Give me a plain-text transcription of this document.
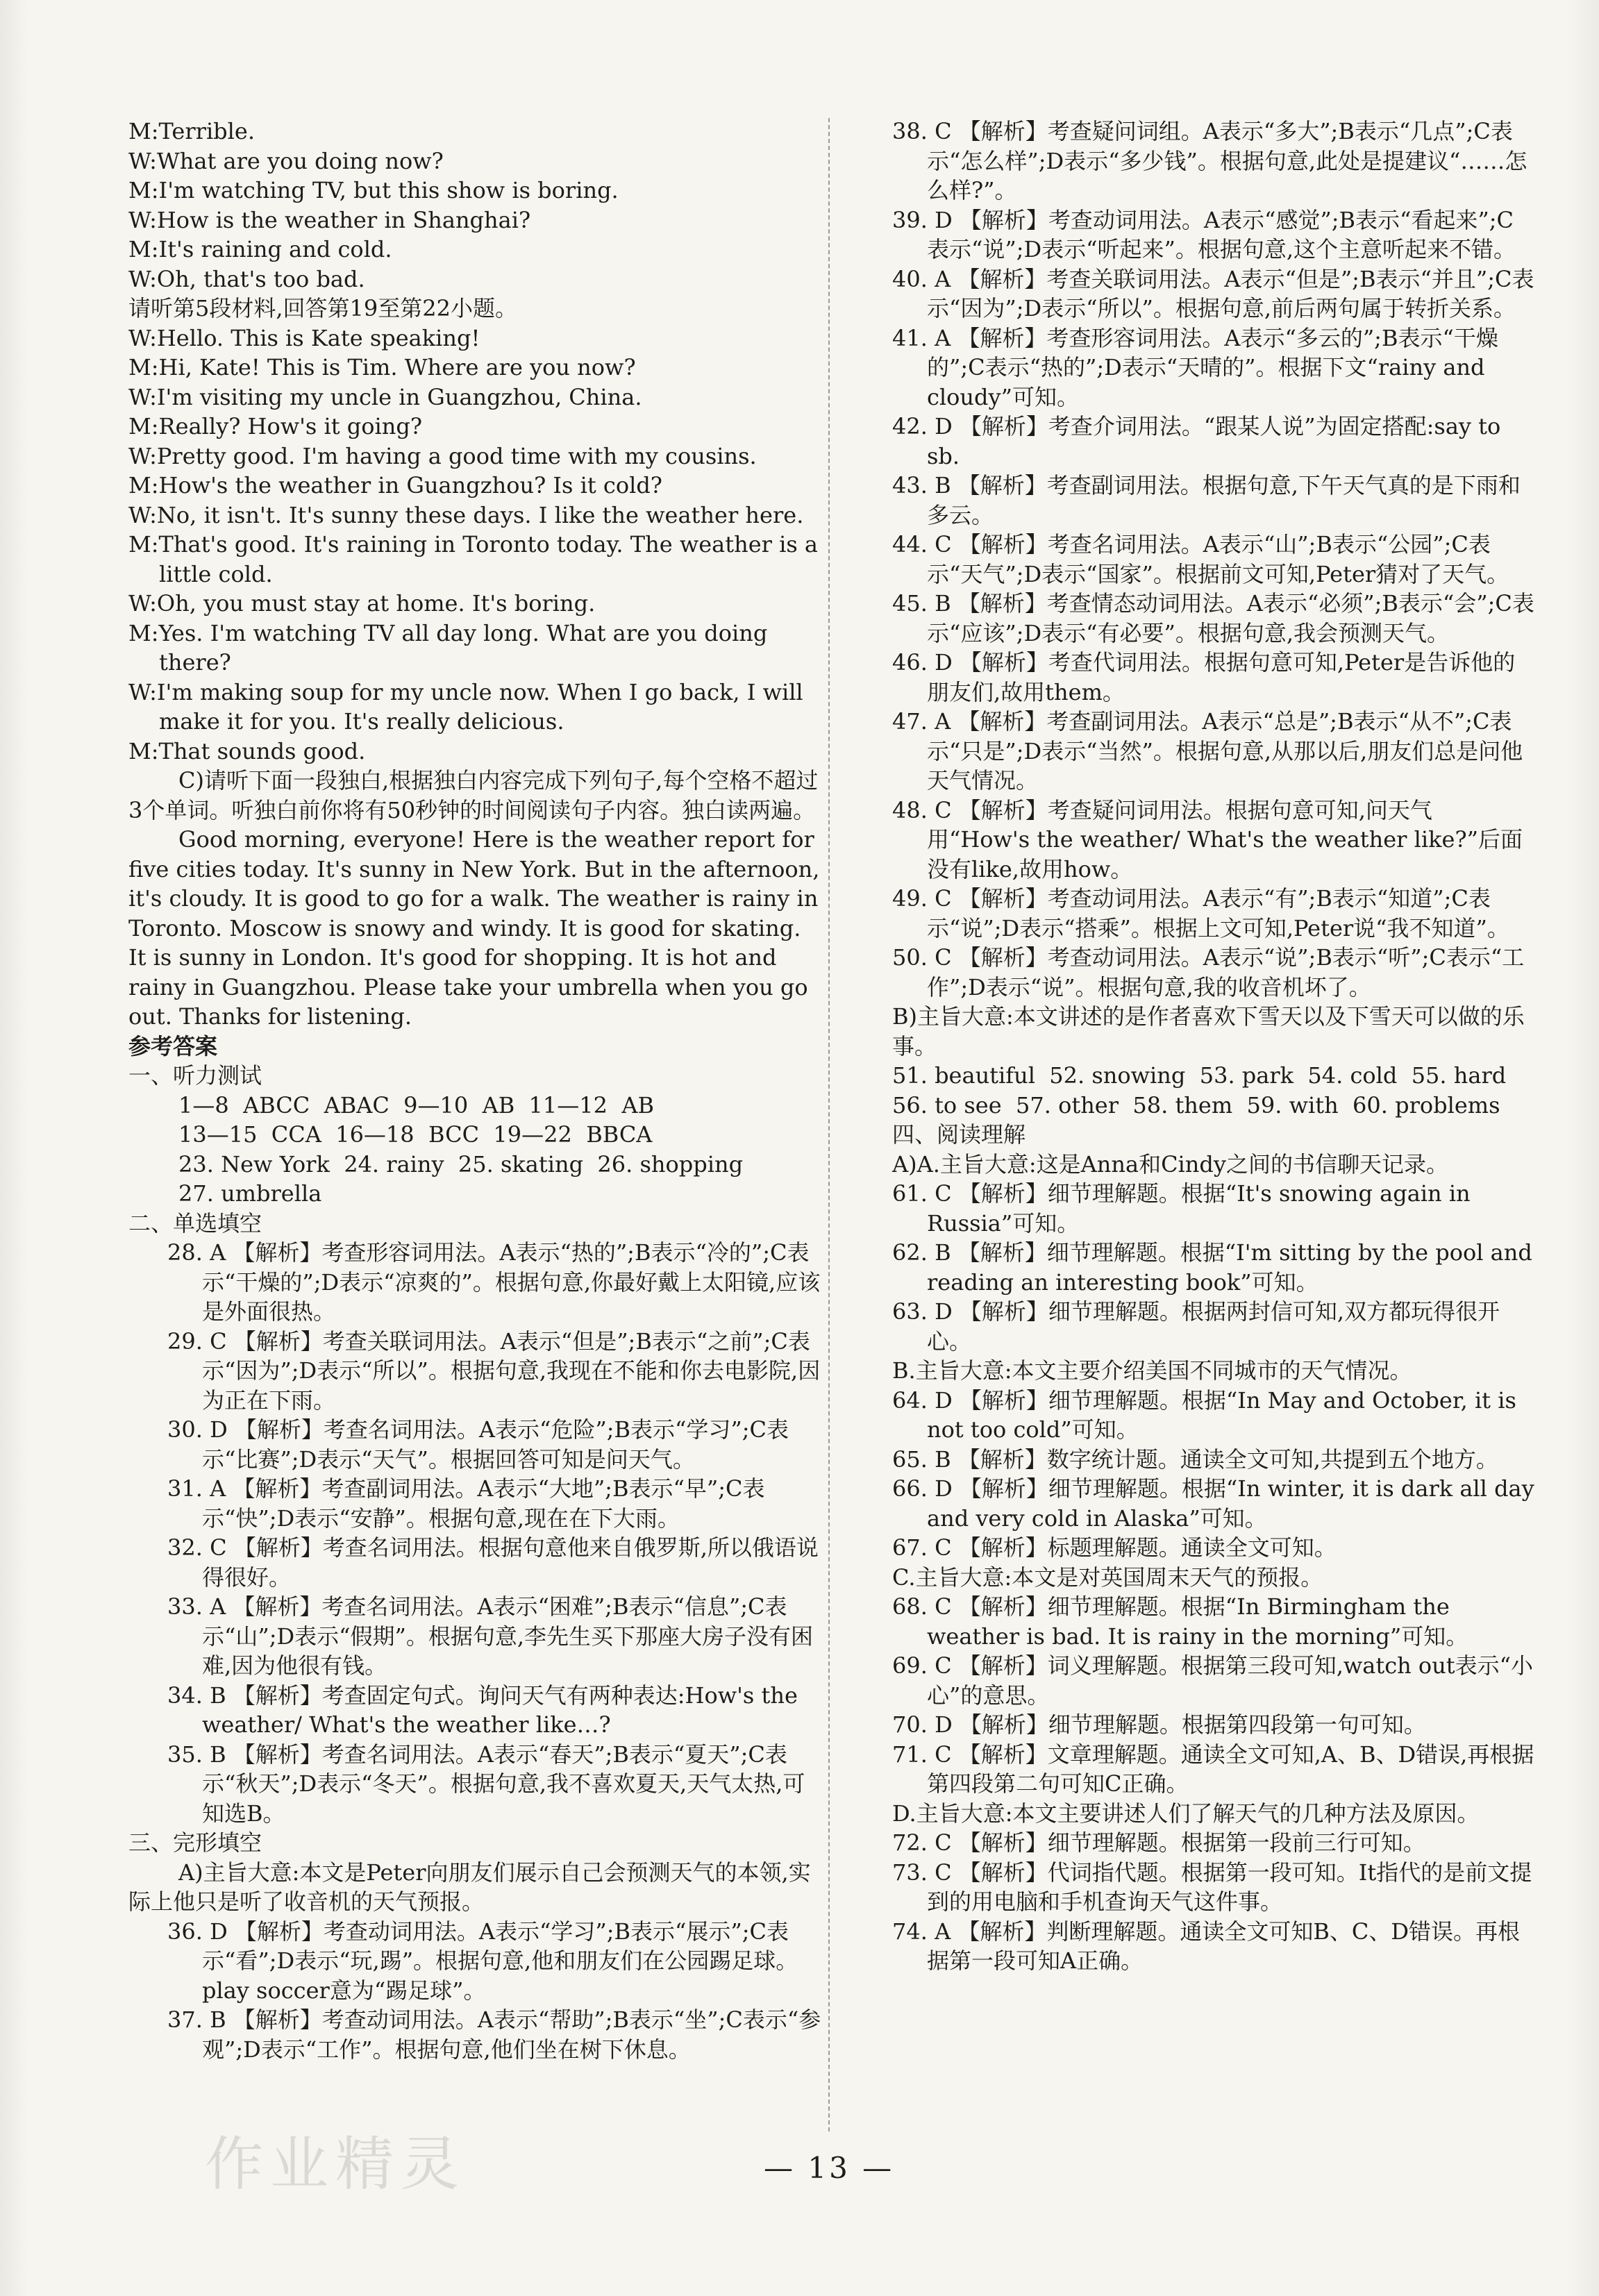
M:Terrible.
W:What are you doing now?
M:I'm watching TV, but this show is boring.
W:How is the weather in Shanghai?
M:It's raining and cold.
W:Oh, that's too bad.
请听第5段材料,回答第19至第22小题。
W:Hello. This is Kate speaking!
M:Hi, Kate! This is Tim. Where are you now?
W:I'm visiting my uncle in Guangzhou, China.
M:Really? How's it going?
W:Pretty good. I'm having a good time with my cousins.
M:How's the weather in Guangzhou? Is it cold?
W:No, it isn't. It's sunny these days. I like the weather here.
M:That's good. It's raining in Toronto today. The weather is a little cold.
W:Oh, you must stay at home. It's boring.
M:Yes. I'm watching TV all day long. What are you doing there?
W:I'm making soup for my uncle now. When I go back, I will make it for you. It's really delicious.
M:That sounds good.
C)请听下面一段独白,根据独白内容完成下列句子,每个空格不超过3个单词。听独白前你将有50秒钟的时间阅读句子内容。独白读两遍。
Good morning, everyone! Here is the weather report for five cities today. It's sunny in New York. But in the afternoon, it's cloudy. It is good to go for a walk. The weather is rainy in Toronto. Moscow is snowy and windy. It is good for skating. It is sunny in London. It's good for shopping. It is hot and rainy in Guangzhou. Please take your umbrella when you go out. Thanks for listening.
参考答案
一、听力测试
1—8  ABCC  ABAC  9—10  AB  11—12  AB
13—15  CCA  16—18  BCC  19—22  BBCA
23. New York  24. rainy  25. skating  26. shopping
27. umbrella
二、单选填空
28. A 【解析】考查形容词用法。A表示“热的”;B表示“冷的”;C表示“干燥的”;D表示“凉爽的”。根据句意,你最好戴上太阳镜,应该是外面很热。
29. C 【解析】考查关联词用法。A表示“但是”;B表示“之前”;C表示“因为”;D表示“所以”。根据句意,我现在不能和你去电影院,因为正在下雨。
30. D 【解析】考查名词用法。A表示“危险”;B表示“学习”;C表示“比赛”;D表示“天气”。根据回答可知是问天气。
31. A 【解析】考查副词用法。A表示“大地”;B表示“早”;C表示“快”;D表示“安静”。根据句意,现在在下大雨。
32. C 【解析】考查名词用法。根据句意他来自俄罗斯,所以俄语说得很好。
33. A 【解析】考查名词用法。A表示“困难”;B表示“信息”;C表示“山”;D表示“假期”。根据句意,李先生买下那座大房子没有困难,因为他很有钱。
34. B 【解析】考查固定句式。询问天气有两种表达:How's the weather/ What's the weather like…?
35. B 【解析】考查名词用法。A表示“春天”;B表示“夏天”;C表示“秋天”;D表示“冬天”。根据句意,我不喜欢夏天,天气太热,可知选B。
三、完形填空
A)主旨大意:本文是Peter向朋友们展示自己会预测天气的本领,实际上他只是听了收音机的天气预报。
36. D 【解析】考查动词用法。A表示“学习”;B表示“展示”;C表示“看”;D表示“玩,踢”。根据句意,他和朋友们在公园踢足球。play soccer意为“踢足球”。
37. B 【解析】考查动词用法。A表示“帮助”;B表示“坐”;C表示“参观”;D表示“工作”。根据句意,他们坐在树下休息。
38. C 【解析】考查疑问词组。A表示“多大”;B表示“几点”;C表示“怎么样”;D表示“多少钱”。根据句意,此处是提建议“……怎么样?”。
39. D 【解析】考查动词用法。A表示“感觉”;B表示“看起来”;C表示“说”;D表示“听起来”。根据句意,这个主意听起来不错。
40. A 【解析】考查关联词用法。A表示“但是”;B表示“并且”;C表示“因为”;D表示“所以”。根据句意,前后两句属于转折关系。
41. A 【解析】考查形容词用法。A表示“多云的”;B表示“干燥的”;C表示“热的”;D表示“天晴的”。根据下文“rainy and cloudy”可知。
42. D 【解析】考查介词用法。“跟某人说”为固定搭配:say to sb.
43. B 【解析】考查副词用法。根据句意,下午天气真的是下雨和多云。
44. C 【解析】考查名词用法。A表示“山”;B表示“公园”;C表示“天气”;D表示“国家”。根据前文可知,Peter猜对了天气。
45. B 【解析】考查情态动词用法。A表示“必须”;B表示“会”;C表示“应该”;D表示“有必要”。根据句意,我会预测天气。
46. D 【解析】考查代词用法。根据句意可知,Peter是告诉他的朋友们,故用them。
47. A 【解析】考查副词用法。A表示“总是”;B表示“从不”;C表示“只是”;D表示“当然”。根据句意,从那以后,朋友们总是问他天气情况。
48. C 【解析】考查疑问词用法。根据句意可知,问天气用“How's the weather/ What's the weather like?”后面没有like,故用how。
49. C 【解析】考查动词用法。A表示“有”;B表示“知道”;C表示“说”;D表示“搭乘”。根据上文可知,Peter说“我不知道”。
50. C 【解析】考查动词用法。A表示“说”;B表示“听”;C表示“工作”;D表示“说”。根据句意,我的收音机坏了。
B)主旨大意:本文讲述的是作者喜欢下雪天以及下雪天可以做的乐事。
51. beautiful  52. snowing  53. park  54. cold  55. hard
56. to see  57. other  58. them  59. with  60. problems
四、阅读理解
A)A.主旨大意:这是Anna和Cindy之间的书信聊天记录。
61. C 【解析】细节理解题。根据“It's snowing again in Russia”可知。
62. B 【解析】细节理解题。根据“I'm sitting by the pool and reading an interesting book”可知。
63. D 【解析】细节理解题。根据两封信可知,双方都玩得很开心。
B.主旨大意:本文主要介绍美国不同城市的天气情况。
64. D 【解析】细节理解题。根据“In May and October, it is not too cold”可知。
65. B 【解析】数字统计题。通读全文可知,共提到五个地方。
66. D 【解析】细节理解题。根据“In winter, it is dark all day and very cold in Alaska”可知。
67. C 【解析】标题理解题。通读全文可知。
C.主旨大意:本文是对英国周末天气的预报。
68. C 【解析】细节理解题。根据“In Birmingham the weather is bad. It is rainy in the morning”可知。
69. C 【解析】词义理解题。根据第三段可知,watch out表示“小心”的意思。
70. D 【解析】细节理解题。根据第四段第一句可知。
71. C 【解析】文章理解题。通读全文可知,A、B、D错误,再根据第四段第二句可知C正确。
D.主旨大意:本文主要讲述人们了解天气的几种方法及原因。
72. C 【解析】细节理解题。根据第一段前三行可知。
73. C 【解析】代词指代题。根据第一段可知。It指代的是前文提到的用电脑和手机查询天气这件事。
74. A 【解析】判断理解题。通读全文可知B、C、D错误。再根据第一段可知A正确。
作业精灵	— 13 —
